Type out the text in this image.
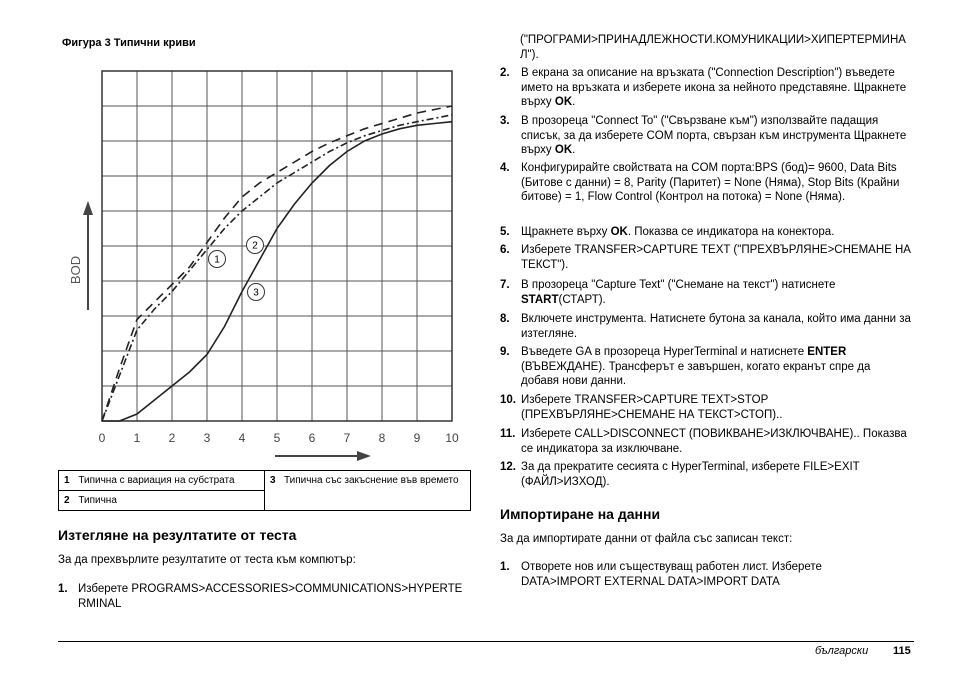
Фигура 3 Типични криви
1
2
3
0 1 2 3 4 5 6 7 8 9 10
BOD
1 Типична с вариация на субстрата	3 Типична със закъснение във времето

2 Типична
Изтегляне на резултатите от теста

За да прехвърлите резултатите от теста към компютър:

1. Изберете PROGRAMS>ACCESSORIES>COMMUNICATIONS>HYPERTERMINAL
("ПРОГРАМИ>ПРИНАДЛЕЖНОСТИ.КОМУНИКАЦИИ>ХИПЕРТЕРМИНАЛ").
2. В екрана за описание на връзката ("Connection Description") въведете името на връзката и изберете икона за нейното представяне. Щракнете върху OK.
3. В прозореца "Connect To" ("Свързване към") използвайте падащия списък, за да изберете COM порта, свързан към инструмента Щракнете върху OK.
4. Конфигурирайте свойствата на COM порта:BPS (бод)= 9600, Data Bits (Битове с данни) = 8, Parity (Паритет) = None (Няма), Stop Bits (Крайни битове) = 1, Flow Control (Контрол на потока) = None (Няма).
5. Щракнете върху OK. Показва се индикатора на конектора.
6. Изберете TRANSFER>CAPTURE TEXT ("ПРЕХВЪРЛЯНЕ>СНЕМАНЕ НА ТЕКСТ").
7. В прозореца "Capture Text" ("Снемане на текст") натиснете START(СТАРТ).
8. Включете инструмента. Натиснете бутона за канала, който има данни за изтегляне.
9. Въведете GA в прозореца HyperTerminal и натиснете ENTER (ВЪВЕЖДАНЕ). Трансферът е завършен, когато екранът спре да добавя нови данни.
10. Изберете TRANSFER>CAPTURE TEXT>STOP (ПРЕХВЪРЛЯНЕ>СНЕМАНЕ НА ТЕКСТ>СТОП)..
11. Изберете CALL>DISCONNECT (ПОВИКВАНЕ>ИЗКЛЮЧВАНЕ).. Показва се индикатора за изключване.
12. За да прекратите сесията с HyperTerminal, изберете FILE>EXIT (ФАЙЛ>ИЗХОД).
Импортиране на данни

За да импортирате данни от файла със записан текст:

1. Отворете нов или съществуващ работен лист. Изберете DATA>IMPORT EXTERNAL DATA>IMPORT DATA
български 115
